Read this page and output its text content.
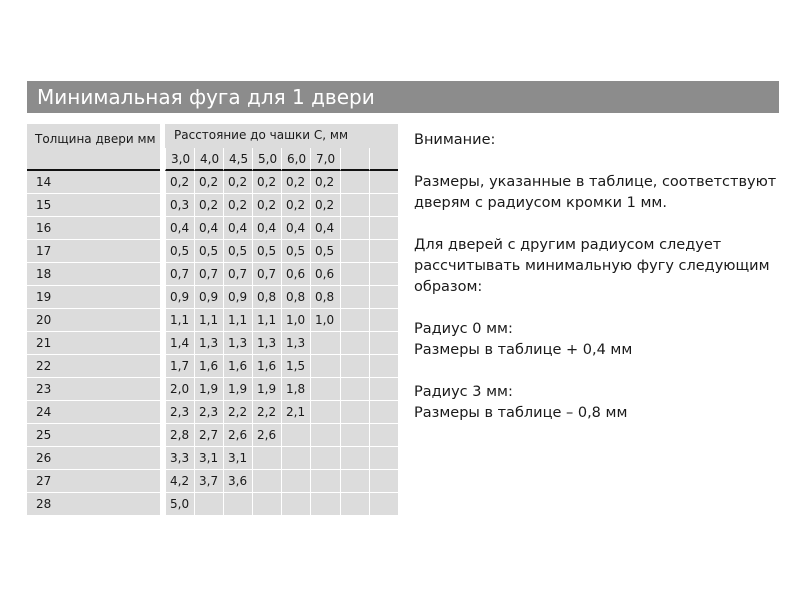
Минимальная фуга для 1 двери
Толщина двери мм		Расстояние до чашки С, мм							
		3,0	4,0	4,5	5,0	6,0	7,0		
14		0,2	0,2	0,2	0,2	0,2	0,2		
15		0,3	0,2	0,2	0,2	0,2	0,2		
16		0,4	0,4	0,4	0,4	0,4	0,4		
17		0,5	0,5	0,5	0,5	0,5	0,5		
18		0,7	0,7	0,7	0,7	0,6	0,6		
19		0,9	0,9	0,9	0,8	0,8	0,8		
20		1,1	1,1	1,1	1,1	1,0	1,0		
21		1,4	1,3	1,3	1,3	1,3			
22		1,7	1,6	1,6	1,6	1,5			
23		2,0	1,9	1,9	1,9	1,8			
24		2,3	2,3	2,2	2,2	2,1			
25		2,8	2,7	2,6	2,6				
26		3,3	3,1	3,1					
27		4,2	3,7	3,6					
28		5,0							

Внимание:

Размеры, указанные в таблице, соответствуют
дверям с радиусом кромки 1 мм.

Для дверей с другим радиусом следует
рассчитывать минимальную фугу следующим
образом:

Радиус 0 мм:
Размеры в таблице + 0,4 мм

Радиус 3 мм:
Размеры в таблице – 0,8 мм
